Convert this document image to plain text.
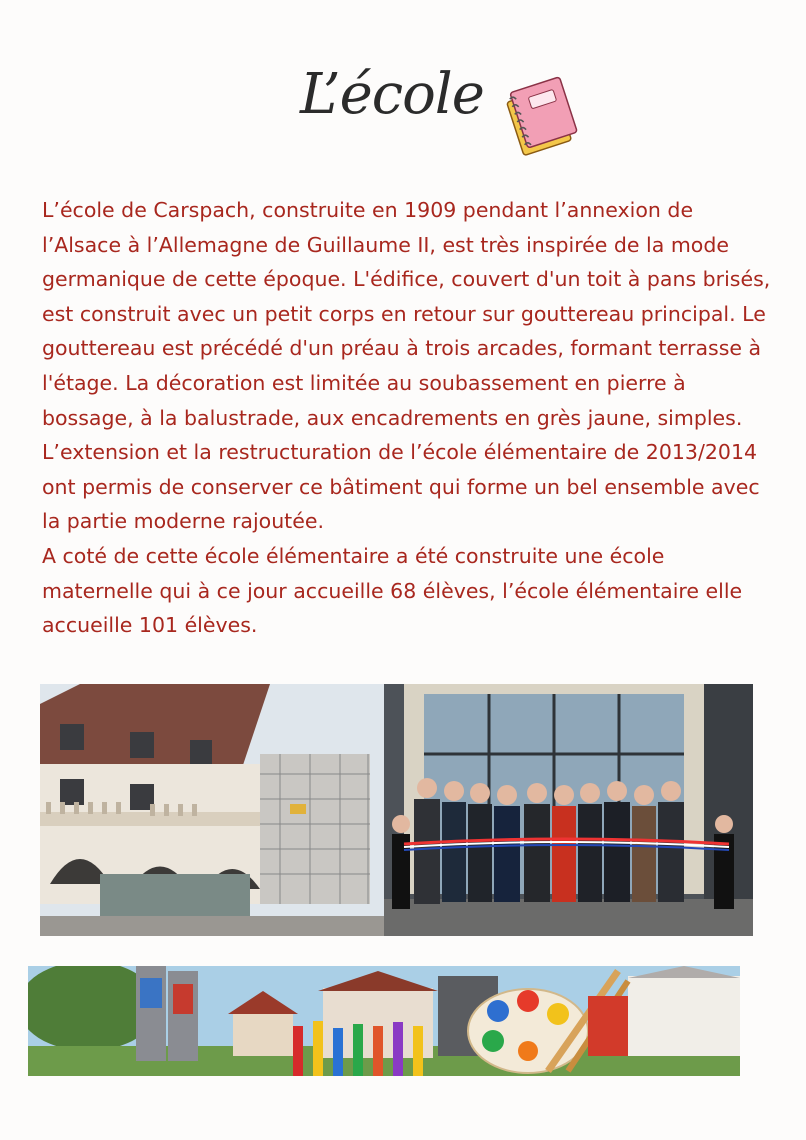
L’école

L’école de Carspach, construite en 1909 pendant l’annexion de l’Alsace à l’Allemagne de Guillaume II, est très inspirée de la mode germanique de cette époque. L'édifice, couvert d'un toit à pans brisés, est construit avec un petit corps en retour sur gouttereau principal. Le gouttereau est précédé d'un préau à trois arcades, formant terrasse à l'étage. La décoration est limitée au soubassement en pierre à bossage, à la balustrade, aux encadrements en grès jaune, simples. L’extension et la restructuration de l’école élémentaire de 2013/2014 ont permis de conserver ce bâtiment qui forme un bel ensemble avec la partie moderne rajoutée.

A coté de cette école élémentaire a été construite une école maternelle qui à ce jour accueille 68 élèves, l’école élémentaire elle accueille 101 élèves.
